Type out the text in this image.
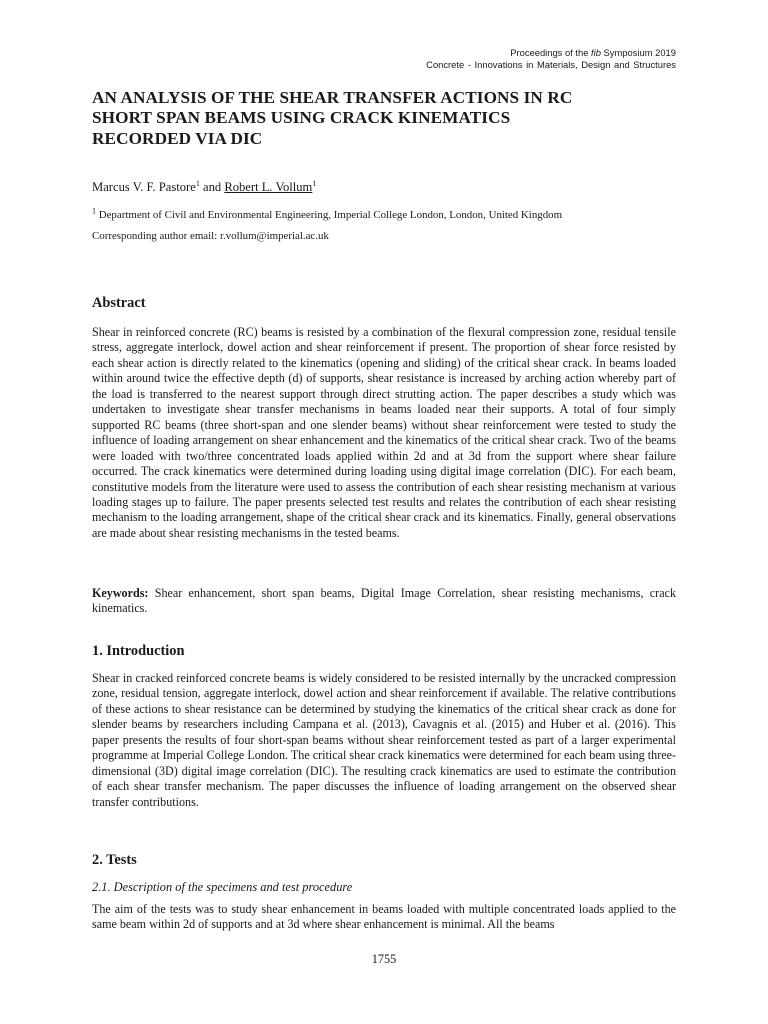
Proceedings of the fib Symposium 2019
Concrete - Innovations in Materials, Design and Structures
AN ANALYSIS OF THE SHEAR TRANSFER ACTIONS IN RC
SHORT SPAN BEAMS USING CRACK KINEMATICS
RECORDED VIA DIC
Marcus V. F. Pastore$^1$ and Robert L. Vollum$^1$
$^1$ Department of Civil and Environmental Engineering, Imperial College London, London, United Kingdom
Corresponding author email: r.vollum@imperial.ac.uk
Abstract
Shear in reinforced concrete (RC) beams is resisted by a combination of the flexural compression zone, residual tensile stress, aggregate interlock, dowel action and shear reinforcement if present. The proportion of shear force resisted by each shear action is directly related to the kinematics (opening and sliding) of the critical shear crack. In beams loaded within around twice the effective depth (d) of supports, shear resistance is increased by arching action whereby part of the load is transferred to the nearest support through direct strutting action. The paper describes a study which was undertaken to investigate shear transfer mechanisms in beams loaded near their supports. A total of four simply supported RC beams (three short-span and one slender beams) without shear reinforcement were tested to study the influence of loading arrangement on shear enhancement and the kinematics of the critical shear crack. Two of the beams were loaded with two/three concentrated loads applied within 2d and at 3d from the support where shear failure occurred. The crack kinematics were determined during loading using digital image correlation (DIC). For each beam, constitutive models from the literature were used to assess the contribution of each shear resisting mechanism at various loading stages up to failure. The paper presents selected test results and relates the contribution of each shear resisting mechanism to the loading arrangement, shape of the critical shear crack and its kinematics. Finally, general observations are made about shear resisting mechanisms in the tested beams.
Keywords: Shear enhancement, short span beams, Digital Image Correlation, shear resisting mechanisms, crack kinematics.
1. Introduction
Shear in cracked reinforced concrete beams is widely considered to be resisted internally by the uncracked compression zone, residual tension, aggregate interlock, dowel action and shear reinforcement if available. The relative contributions of these actions to shear resistance can be determined by studying the kinematics of the critical shear crack as done for slender beams by researchers including Campana et al. (2013), Cavagnis et al. (2015) and Huber et al. (2016). This paper presents the results of four short-span beams without shear reinforcement tested as part of a larger experimental programme at Imperial College London. The critical shear crack kinematics were determined for each beam using three-dimensional (3D) digital image correlation (DIC). The resulting crack kinematics are used to estimate the contribution of each shear transfer mechanism. The paper discusses the influence of loading arrangement on the observed shear transfer contributions.
2. Tests
2.1. Description of the specimens and test procedure
The aim of the tests was to study shear enhancement in beams loaded with multiple concentrated loads applied to the same beam within 2d of supports and at 3d where shear enhancement is minimal. All the beams
1755
